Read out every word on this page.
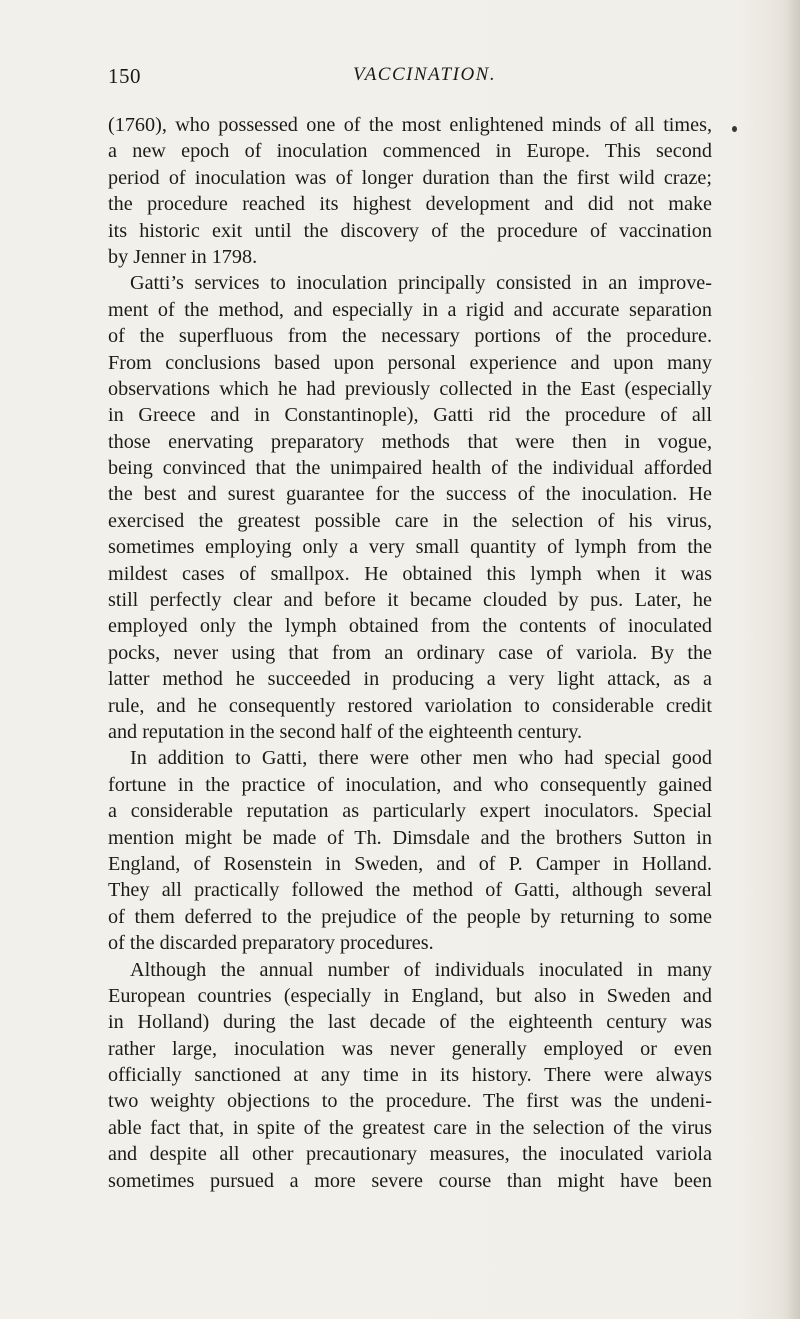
150	VACCINATION.
(1760), who possessed one of the most enlightened minds of all times,
a new epoch of inoculation commenced in Europe. This second
period of inoculation was of longer duration than the first wild craze;
the procedure reached its highest development and did not make
its historic exit until the discovery of the procedure of vaccination
by Jenner in 1798.
Gatti’s services to inoculation principally consisted in an improve-
ment of the method, and especially in a rigid and accurate separation
of the superfluous from the necessary portions of the procedure.
From conclusions based upon personal experience and upon many
observations which he had previously collected in the East (especially
in Greece and in Constantinople), Gatti rid the procedure of all
those enervating preparatory methods that were then in vogue,
being convinced that the unimpaired health of the individual afforded
the best and surest guarantee for the success of the inoculation. He
exercised the greatest possible care in the selection of his virus,
sometimes employing only a very small quantity of lymph from the
mildest cases of smallpox. He obtained this lymph when it was
still perfectly clear and before it became clouded by pus. Later, he
employed only the lymph obtained from the contents of inoculated
pocks, never using that from an ordinary case of variola. By the
latter method he succeeded in producing a very light attack, as a
rule, and he consequently restored variolation to considerable credit
and reputation in the second half of the eighteenth century.
In addition to Gatti, there were other men who had special good
fortune in the practice of inoculation, and who consequently gained
a considerable reputation as particularly expert inoculators. Special
mention might be made of Th. Dimsdale and the brothers Sutton in
England, of Rosenstein in Sweden, and of P. Camper in Holland.
They all practically followed the method of Gatti, although several
of them deferred to the prejudice of the people by returning to some
of the discarded preparatory procedures.
Although the annual number of individuals inoculated in many
European countries (especially in England, but also in Sweden and
in Holland) during the last decade of the eighteenth century was
rather large, inoculation was never generally employed or even
officially sanctioned at any time in its history. There were always
two weighty objections to the procedure. The first was the undeni-
able fact that, in spite of the greatest care in the selection of the virus
and despite all other precautionary measures, the inoculated variola
sometimes pursued a more severe course than might have been
